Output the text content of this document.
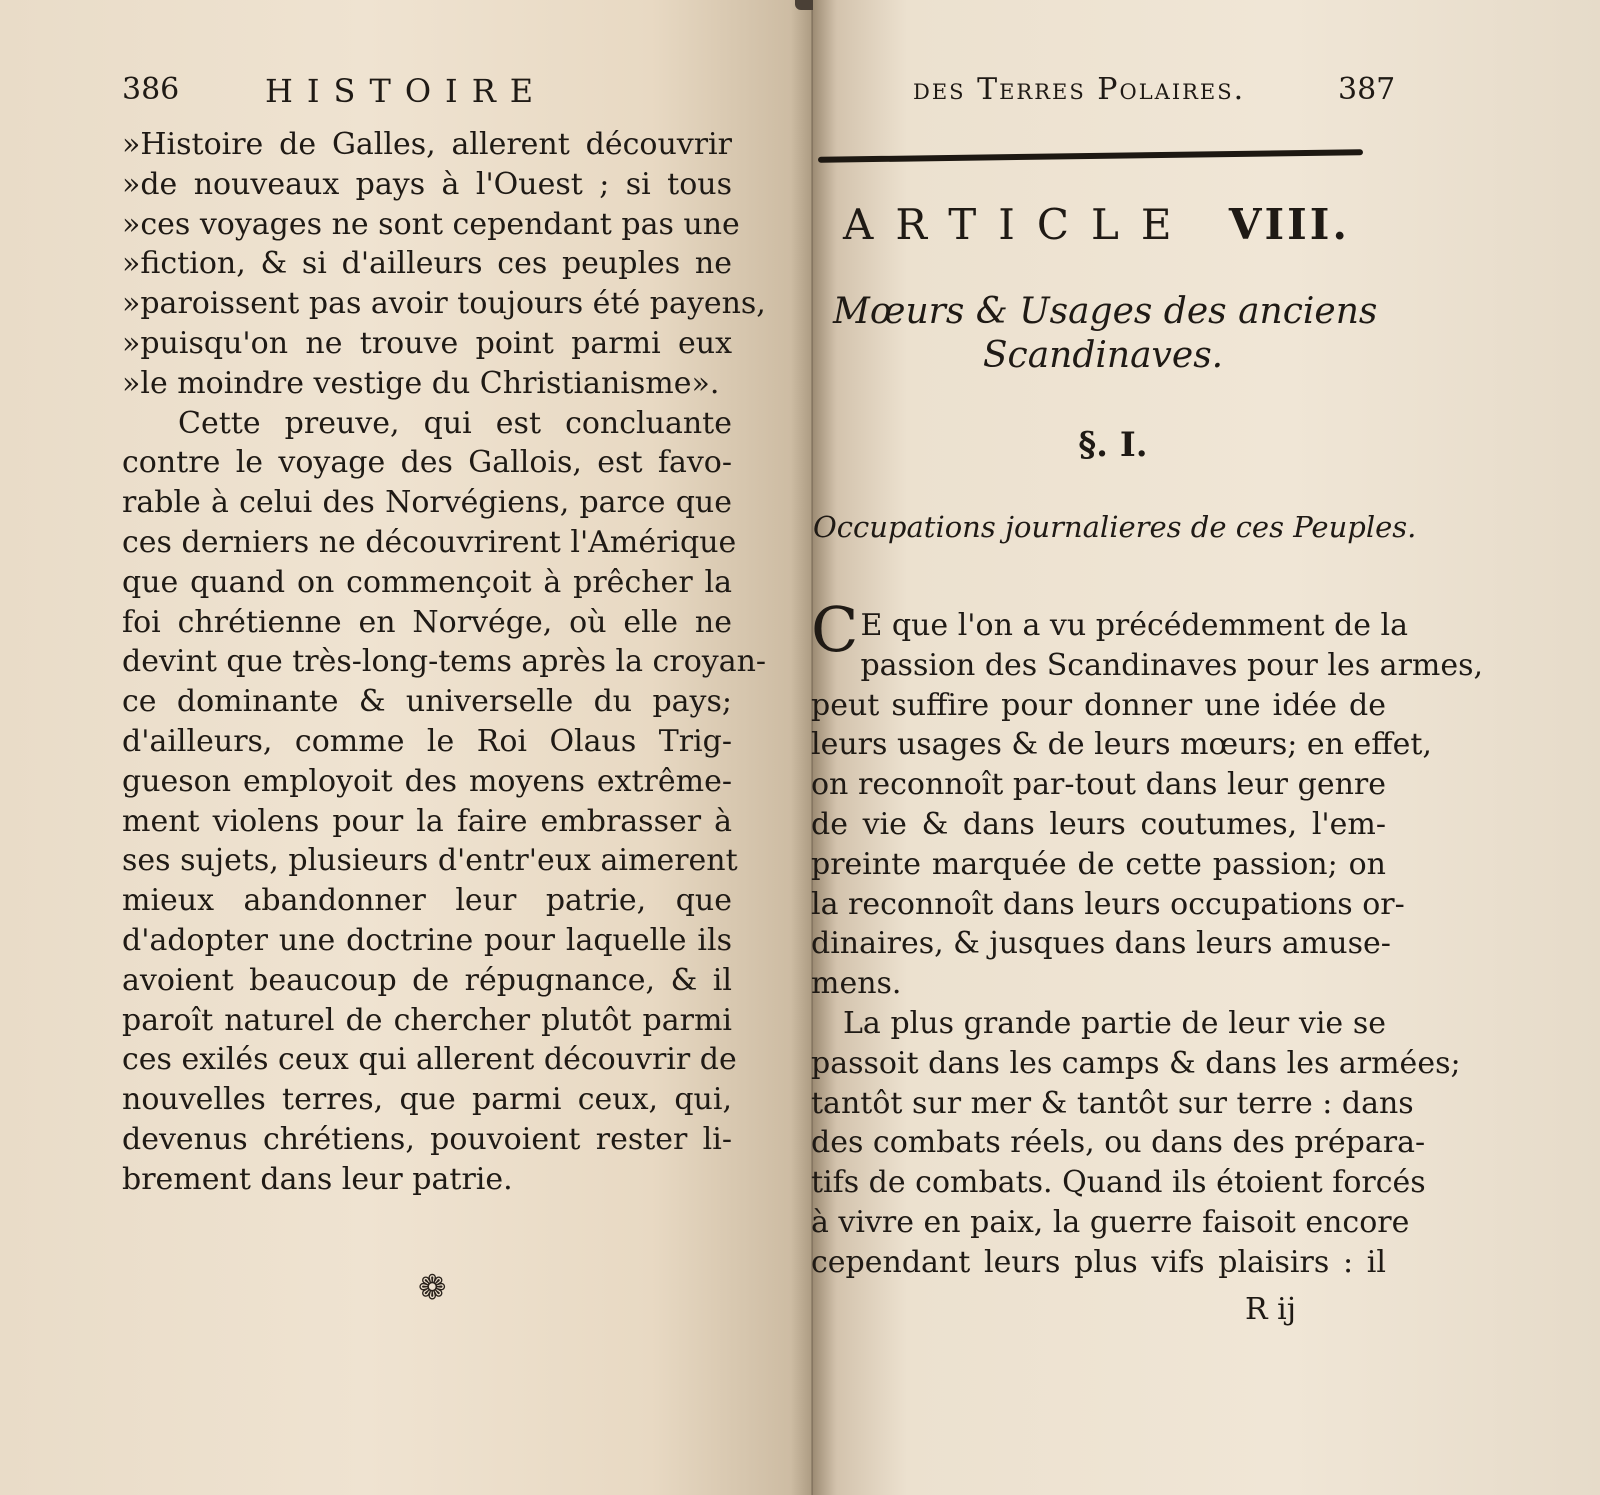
386	HISTOIRE
»Histoire de Galles, allerent découvrir
»de nouveaux pays à l'Ouest ; si tous
»ces voyages ne sont cependant pas une
»fiction, & si d'ailleurs ces peuples ne
»paroissent pas avoir toujours été payens,
»puisqu'on ne trouve point parmi eux
»le moindre vestige du Christianisme».
Cette preuve, qui est concluante
contre le voyage des Gallois, est favo-
rable à celui des Norvégiens, parce que
ces derniers ne découvrirent l'Amérique
que quand on commençoit à prêcher la
foi chrétienne en Norvége, où elle ne
devint que très-long-tems après la croyan-
ce dominante & universelle du pays;
d'ailleurs, comme le Roi Olaus Trig-
gueson employoit des moyens extrême-
ment violens pour la faire embrasser à
ses sujets, plusieurs d'entr'eux aimerent
mieux abandonner leur patrie, que
d'adopter une doctrine pour laquelle ils
avoient beaucoup de répugnance, & il
paroît naturel de chercher plutôt parmi
ces exilés ceux qui allerent découvrir de
nouvelles terres, que parmi ceux, qui,
devenus chrétiens, pouvoient rester li-
brement dans leur patrie.
❁
des Terres Polaires.	387
ARTICLE VIII.
Mœurs & Usages des anciens
Scandinaves.
§. I.
Occupations journalieres de ces Peuples.
C E que l'on a vu précédemment de la
passion des Scandinaves pour les armes,
peut suffire pour donner une idée de
leurs usages & de leurs mœurs; en effet,
on reconnoît par-tout dans leur genre
de vie & dans leurs coutumes, l'em-
preinte marquée de cette passion; on
la reconnoît dans leurs occupations or-
dinaires, & jusques dans leurs amuse-
mens.
La plus grande partie de leur vie se
passoit dans les camps & dans les armées;
tantôt sur mer & tantôt sur terre : dans
des combats réels, ou dans des prépara-
tifs de combats. Quand ils étoient forcés
à vivre en paix, la guerre faisoit encore
cependant leurs plus vifs plaisirs : il
R ij
